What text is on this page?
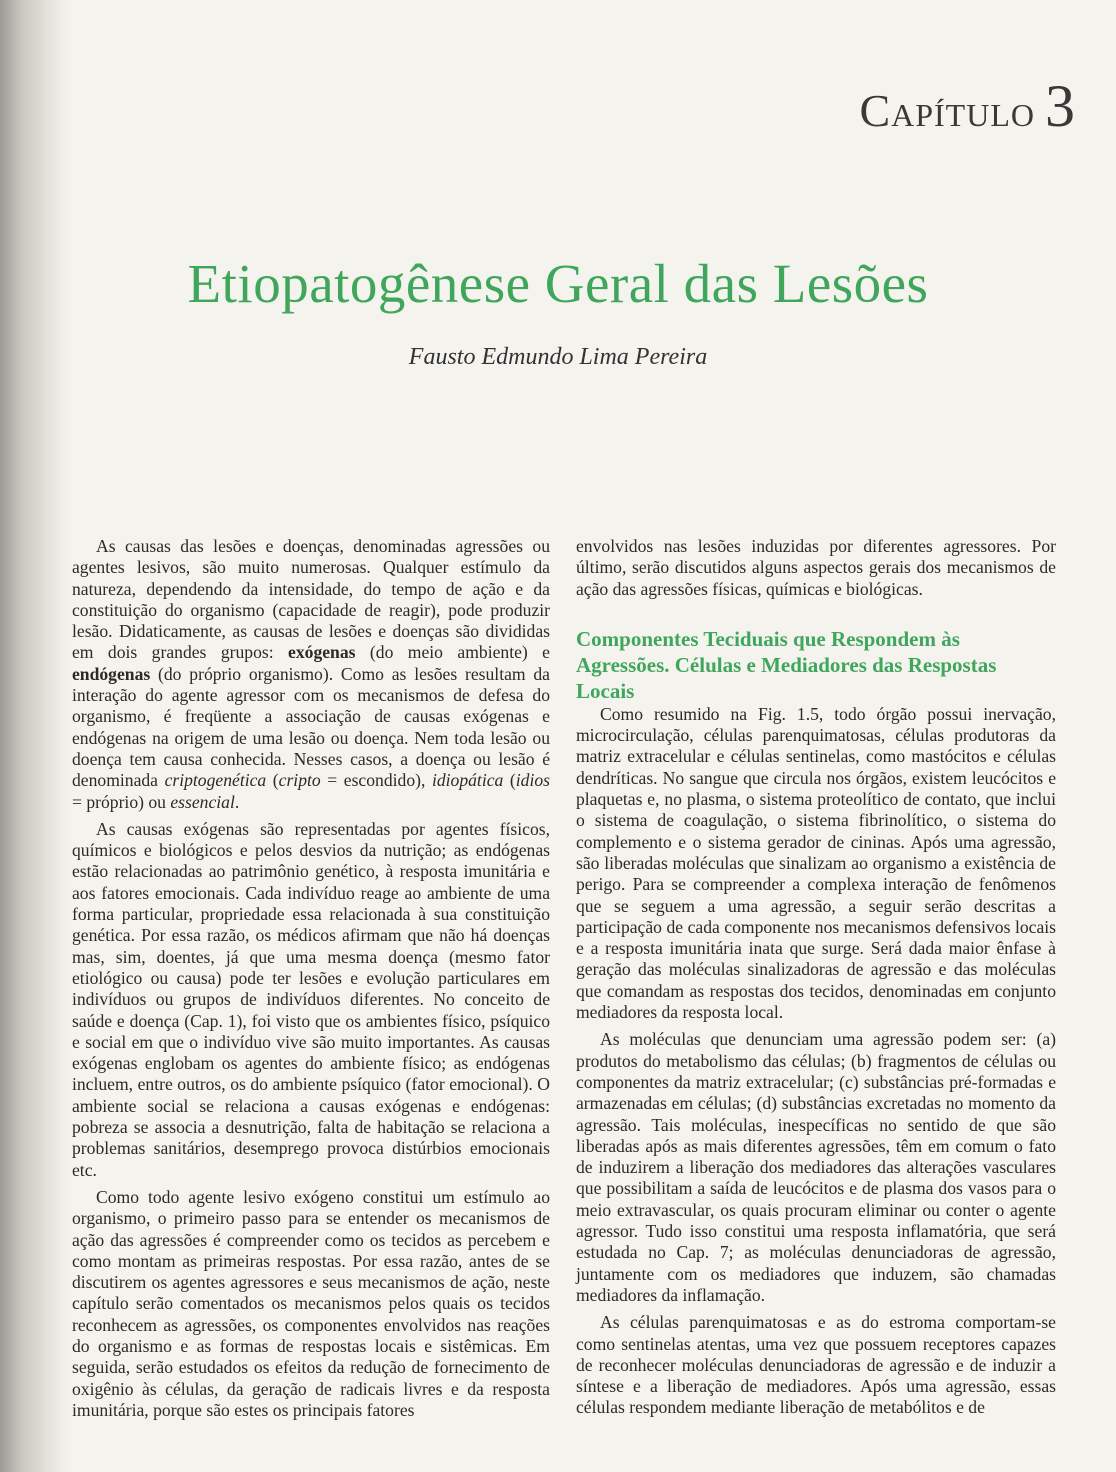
Capítulo 3
Etiopatogênese Geral das Lesões
Fausto Edmundo Lima Pereira

As causas das lesões e doenças, denominadas agressões ou agentes lesivos, são muito numerosas. Qualquer estímulo da natureza, dependendo da intensidade, do tempo de ação e da constituição do organismo (capacidade de reagir), pode produzir lesão. Didaticamente, as causas de lesões e doenças são divididas em dois grandes grupos: exógenas (do meio ambiente) e endógenas (do próprio organismo). Como as lesões resultam da interação do agente agressor com os mecanismos de defesa do organismo, é freqüente a associação de causas exógenas e endógenas na origem de uma lesão ou doença. Nem toda lesão ou doença tem causa conhecida. Nesses casos, a doença ou lesão é denominada criptogenética (cripto = escondido), idiopática (idios = próprio) ou essencial.

As causas exógenas são representadas por agentes físicos, químicos e biológicos e pelos desvios da nutrição; as endógenas estão relacionadas ao patrimônio genético, à resposta imunitária e aos fatores emocionais. Cada indivíduo reage ao ambiente de uma forma particular, propriedade essa relacionada à sua constituição genética. Por essa razão, os médicos afirmam que não há doenças mas, sim, doentes, já que uma mesma doença (mesmo fator etiológico ou causa) pode ter lesões e evolução particulares em indivíduos ou grupos de indivíduos diferentes. No conceito de saúde e doença (Cap. 1), foi visto que os ambientes físico, psíquico e social em que o indivíduo vive são muito importantes. As causas exógenas englobam os agentes do ambiente físico; as endógenas incluem, entre outros, os do ambiente psíquico (fator emocional). O ambiente social se relaciona a causas exógenas e endógenas: pobreza se associa a desnutrição, falta de habitação se relaciona a problemas sanitários, desemprego provoca distúrbios emocionais etc.

Como todo agente lesivo exógeno constitui um estímulo ao organismo, o primeiro passo para se entender os mecanismos de ação das agressões é compreender como os tecidos as percebem e como montam as primeiras respostas. Por essa razão, antes de se discutirem os agentes agressores e seus mecanismos de ação, neste capítulo serão comentados os mecanismos pelos quais os tecidos reconhecem as agressões, os componentes envolvidos nas reações do organismo e as formas de respostas locais e sistêmicas. Em seguida, serão estudados os efeitos da redução de fornecimento de oxigênio às células, da geração de radicais livres e da resposta imunitária, porque são estes os principais fatores

envolvidos nas lesões induzidas por diferentes agressores. Por último, serão discutidos alguns aspectos gerais dos mecanismos de ação das agressões físicas, químicas e biológicas.

Componentes Teciduais que Respondem às Agressões. Células e Mediadores das Respostas Locais

Como resumido na Fig. 1.5, todo órgão possui inervação, microcirculação, células parenquimatosas, células produtoras da matriz extracelular e células sentinelas, como mastócitos e células dendríticas. No sangue que circula nos órgãos, existem leucócitos e plaquetas e, no plasma, o sistema proteolítico de contato, que inclui o sistema de coagulação, o sistema fibrinolítico, o sistema do complemento e o sistema gerador de cininas. Após uma agressão, são liberadas moléculas que sinalizam ao organismo a existência de perigo. Para se compreender a complexa interação de fenômenos que se seguem a uma agressão, a seguir serão descritas a participação de cada componente nos mecanismos defensivos locais e a resposta imunitária inata que surge. Será dada maior ênfase à geração das moléculas sinalizadoras de agressão e das moléculas que comandam as respostas dos tecidos, denominadas em conjunto mediadores da resposta local.

As moléculas que denunciam uma agressão podem ser: (a) produtos do metabolismo das células; (b) fragmentos de células ou componentes da matriz extracelular; (c) substâncias pré-formadas e armazenadas em células; (d) substâncias excretadas no momento da agressão. Tais moléculas, inespecíficas no sentido de que são liberadas após as mais diferentes agressões, têm em comum o fato de induzirem a liberação dos mediadores das alterações vasculares que possibilitam a saída de leucócitos e de plasma dos vasos para o meio extravascular, os quais procuram eliminar ou conter o agente agressor. Tudo isso constitui uma resposta inflamatória, que será estudada no Cap. 7; as moléculas denunciadoras de agressão, juntamente com os mediadores que induzem, são chamadas mediadores da inflamação.

As células parenquimatosas e as do estroma comportam-se como sentinelas atentas, uma vez que possuem receptores capazes de reconhecer moléculas denunciadoras de agressão e de induzir a síntese e a liberação de mediadores. Após uma agressão, essas células respondem mediante liberação de metabólitos e de
